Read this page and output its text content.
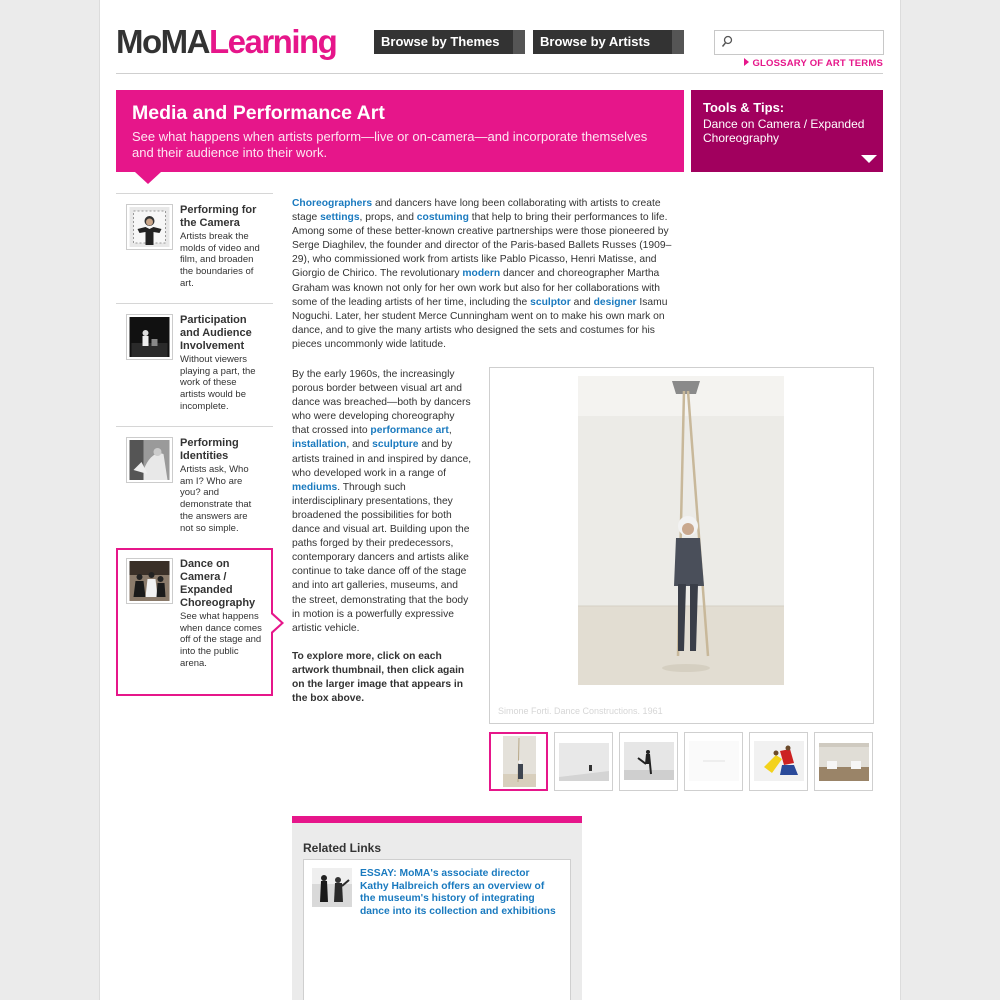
MoMALearning	Browse by Themes	Browse by Artists
GLOSSARY OF ART TERMS
Media and Performance Art
See what happens when artists perform—live or on-camera—and incorporate themselves and their audience into their work.
Tools & Tips:
Dance on Camera / Expanded Choreography
Performing for the Camera
Artists break the molds of video and film, and broaden the boundaries of art.
Participation and Audience Involvement
Without viewers playing a part, the work of these artists would be incomplete.
Performing Identities
Artists ask, Who am I? Who are you? and demonstrate that the answers are not so simple.
Dance on Camera / Expanded Choreography
See what happens when dance comes off of the stage and into the public arena.
Choreographers and dancers have long been collaborating with artists to create stage settings, props, and costuming that help to bring their performances to life. Among some of these better-known creative partnerships were those pioneered by Serge Diaghilev, the founder and director of the Paris-based Ballets Russes (1909–29), who commissioned work from artists like Pablo Picasso, Henri Matisse, and Giorgio de Chirico. The revolutionary modern dancer and choreographer Martha Graham was known not only for her own work but also for her collaborations with some of the leading artists of her time, including the sculptor and designer Isamu Noguchi. Later, her student Merce Cunningham went on to make his own mark on dance, and to give the many artists who designed the sets and costumes for his pieces uncommonly wide latitude.
By the early 1960s, the increasingly porous border between visual art and dance was breached—both by dancers who were developing choreography that crossed into performance art, installation, and sculpture and by artists trained in and inspired by dance, who developed work in a range of mediums. Through such interdisciplinary presentations, they broadened the possibilities for both dance and visual art. Building upon the paths forged by their predecessors, contemporary dancers and artists alike continue to take dance off of the stage and into art galleries, museums, and the street, demonstrating that the body in motion is a powerfully expressive artistic vehicle.
To explore more, click on each artwork thumbnail, then click again on the larger image that appears in the box above.
Simone Forti. Dance Constructions. 1961
Related Links
ESSAY: MoMA's associate director Kathy Halbreich offers an overview of the museum's history of integrating dance into its collection and exhibitions
